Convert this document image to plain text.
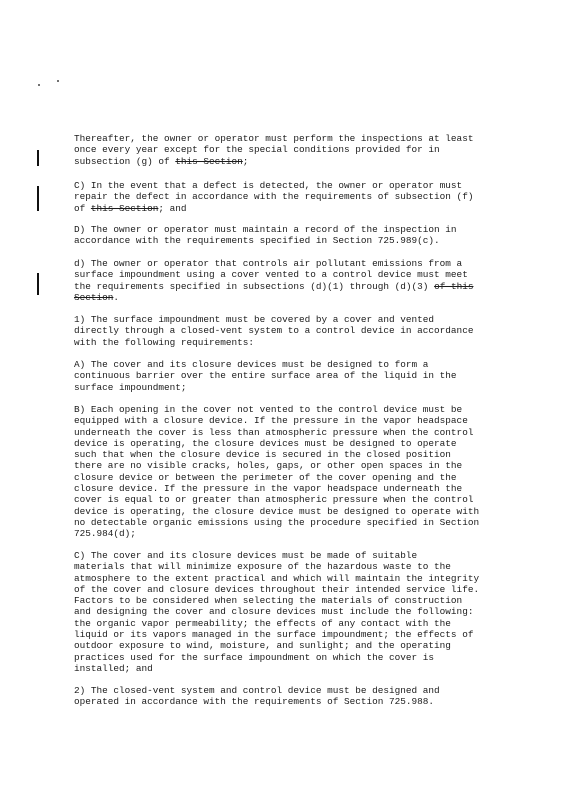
Thereafter, the owner or operator must perform the inspections at least
once every year except for the special conditions provided for in
subsection (g) of this Section;
C) In the event that a defect is detected, the owner or operator must
repair the defect in accordance with the requirements of subsection (f)
of this Section; and
D) The owner or operator must maintain a record of the inspection in
accordance with the requirements specified in Section 725.989(c).
d) The owner or operator that controls air pollutant emissions from a
surface impoundment using a cover vented to a control device must meet
the requirements specified in subsections (d)(1) through (d)(3) of this
Section.
1) The surface impoundment must be covered by a cover and vented
directly through a closed-vent system to a control device in accordance
with the following requirements:
A) The cover and its closure devices must be designed to form a
continuous barrier over the entire surface area of the liquid in the
surface impoundment;
B) Each opening in the cover not vented to the control device must be
equipped with a closure device. If the pressure in the vapor headspace
underneath the cover is less than atmospheric pressure when the control
device is operating, the closure devices must be designed to operate
such that when the closure device is secured in the closed position
there are no visible cracks, holes, gaps, or other open spaces in the
closure device or between the perimeter of the cover opening and the
closure device. If the pressure in the vapor headspace underneath the
cover is equal to or greater than atmospheric pressure when the control
device is operating, the closure device must be designed to operate with
no detectable organic emissions using the procedure specified in Section
725.984(d);
C) The cover and its closure devices must be made of suitable
materials that will minimize exposure of the hazardous waste to the
atmosphere to the extent practical and which will maintain the integrity
of the cover and closure devices throughout their intended service life.
Factors to be considered when selecting the materials of construction
and designing the cover and closure devices must include the following:
the organic vapor permeability; the effects of any contact with the
liquid or its vapors managed in the surface impoundment; the effects of
outdoor exposure to wind, moisture, and sunlight; and the operating
practices used for the surface impoundment on which the cover is
installed; and
2) The closed-vent system and control device must be designed and
operated in accordance with the requirements of Section 725.988.
